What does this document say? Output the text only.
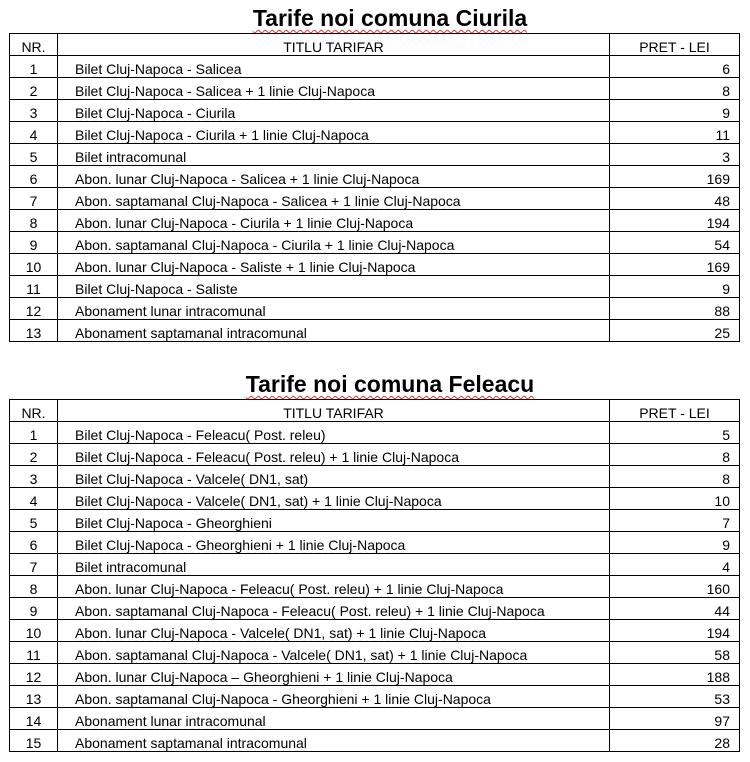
Tarife noi comuna Ciurila
NR.	TITLU TARIFAR	PRET - LEI
1	Bilet Cluj-Napoca - Salicea	6
2	Bilet Cluj-Napoca - Salicea + 1 linie Cluj-Napoca	8
3	Bilet Cluj-Napoca - Ciurila	9
4	Bilet Cluj-Napoca - Ciurila + 1 linie Cluj-Napoca	11
5	Bilet intracomunal	3
6	Abon. lunar Cluj-Napoca - Salicea + 1 linie Cluj-Napoca	169
7	Abon. saptamanal Cluj-Napoca - Salicea + 1 linie Cluj-Napoca	48
8	Abon. lunar Cluj-Napoca - Ciurila + 1 linie Cluj-Napoca	194
9	Abon. saptamanal Cluj-Napoca - Ciurila + 1 linie Cluj-Napoca	54
10	Abon. lunar Cluj-Napoca - Saliste + 1 linie Cluj-Napoca	169
11	Bilet Cluj-Napoca - Saliste	9
12	Abonament lunar intracomunal	88
13	Abonament saptamanal intracomunal	25
Tarife noi comuna Feleacu
NR.	TITLU TARIFAR	PRET - LEI
1	Bilet Cluj-Napoca - Feleacu( Post. releu)	5
2	Bilet Cluj-Napoca - Feleacu( Post. releu) + 1 linie Cluj-Napoca	8
3	Bilet Cluj-Napoca - Valcele( DN1, sat)	8
4	Bilet Cluj-Napoca - Valcele( DN1, sat) + 1 linie Cluj-Napoca	10
5	Bilet Cluj-Napoca - Gheorghieni	7
6	Bilet Cluj-Napoca - Gheorghieni + 1 linie Cluj-Napoca	9
7	Bilet intracomunal	4
8	Abon. lunar Cluj-Napoca - Feleacu( Post. releu) + 1 linie Cluj-Napoca	160
9	Abon. saptamanal Cluj-Napoca - Feleacu( Post. releu) + 1 linie Cluj-Napoca	44
10	Abon. lunar Cluj-Napoca - Valcele( DN1, sat) + 1 linie Cluj-Napoca	194
11	Abon. saptamanal Cluj-Napoca - Valcele( DN1, sat) + 1 linie Cluj-Napoca	58
12	Abon. lunar Cluj-Napoca – Gheorghieni + 1 linie Cluj-Napoca	188
13	Abon. saptamanal Cluj-Napoca - Gheorghieni + 1 linie Cluj-Napoca	53
14	Abonament lunar intracomunal	97
15	Abonament saptamanal intracomunal	28
